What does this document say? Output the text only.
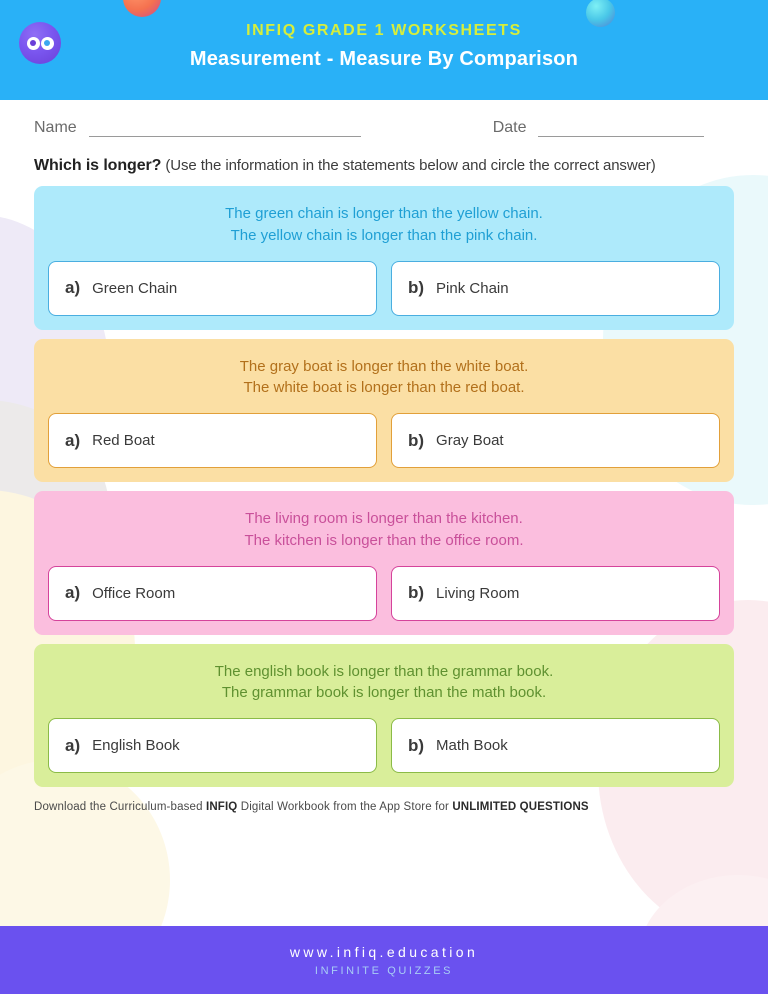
INFIQ GRADE 1 WORKSHEETS
Measurement - Measure By Comparison
Name	Date
Which is longer? (Use the information in the statements below and circle the correct answer)
The green chain is longer than the yellow chain.
The yellow chain is longer than the pink chain.
a) Green Chain	b) Pink Chain
The gray boat is longer than the white boat.
The white boat is longer than the red boat.
a) Red Boat	b) Gray Boat
The living room is longer than the kitchen.
The kitchen is longer than the office room.
a) Office Room	b) Living Room
The english book is longer than the grammar book.
The grammar book is longer than the math book.
a) English Book	b) Math Book
Download the Curriculum-based INFIQ Digital Workbook from the App Store for UNLIMITED QUESTIONS
www.infiq.education
INFINITE QUIZZES
